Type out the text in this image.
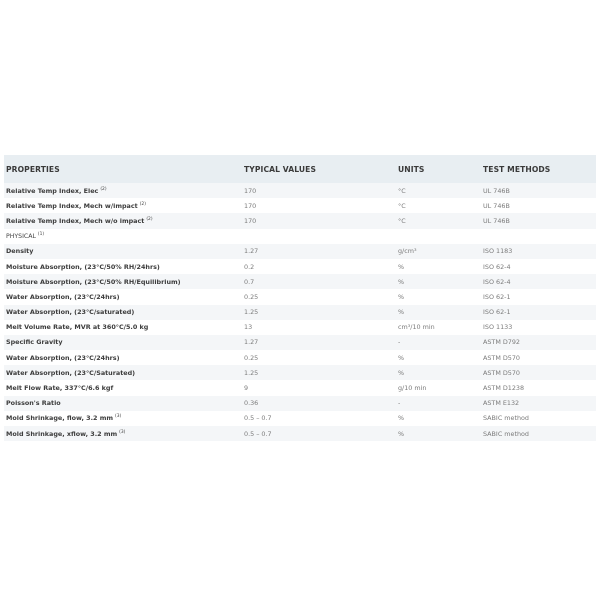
PROPERTIES	TYPICAL VALUES	UNITS	TEST METHODS
Relative Temp Index, Elec $^{(2)}$	170	°C	UL 746B
Relative Temp Index, Mech w/impact $^{(2)}$	170	°C	UL 746B
Relative Temp Index, Mech w/o impact $^{(2)}$	170	°C	UL 746B
PHYSICAL $^{(1)}$			
Density	1.27	g/cm³	ISO 1183
Moisture Absorption, (23°C/50% RH/24hrs)	0.2	%	ISO 62-4
Moisture Absorption, (23°C/50% RH/Equilibrium)	0.7	%	ISO 62-4
Water Absorption, (23°C/24hrs)	0.25	%	ISO 62-1
Water Absorption, (23°C/saturated)	1.25	%	ISO 62-1
Melt Volume Rate, MVR at 360°C/5.0 kg	13	cm³/10 min	ISO 1133
Specific Gravity	1.27	-	ASTM D792
Water Absorption, (23°C/24hrs)	0.25	%	ASTM D570
Water Absorption, (23°C/Saturated)	1.25	%	ASTM D570
Melt Flow Rate, 337°C/6.6 kgf	9	g/10 min	ASTM D1238
Poisson's Ratio	0.36	-	ASTM E132
Mold Shrinkage, flow, 3.2 mm $^{(3)}$	0.5 – 0.7	%	SABIC method
Mold Shrinkage, xflow, 3.2 mm $^{(3)}$	0.5 – 0.7	%	SABIC method
